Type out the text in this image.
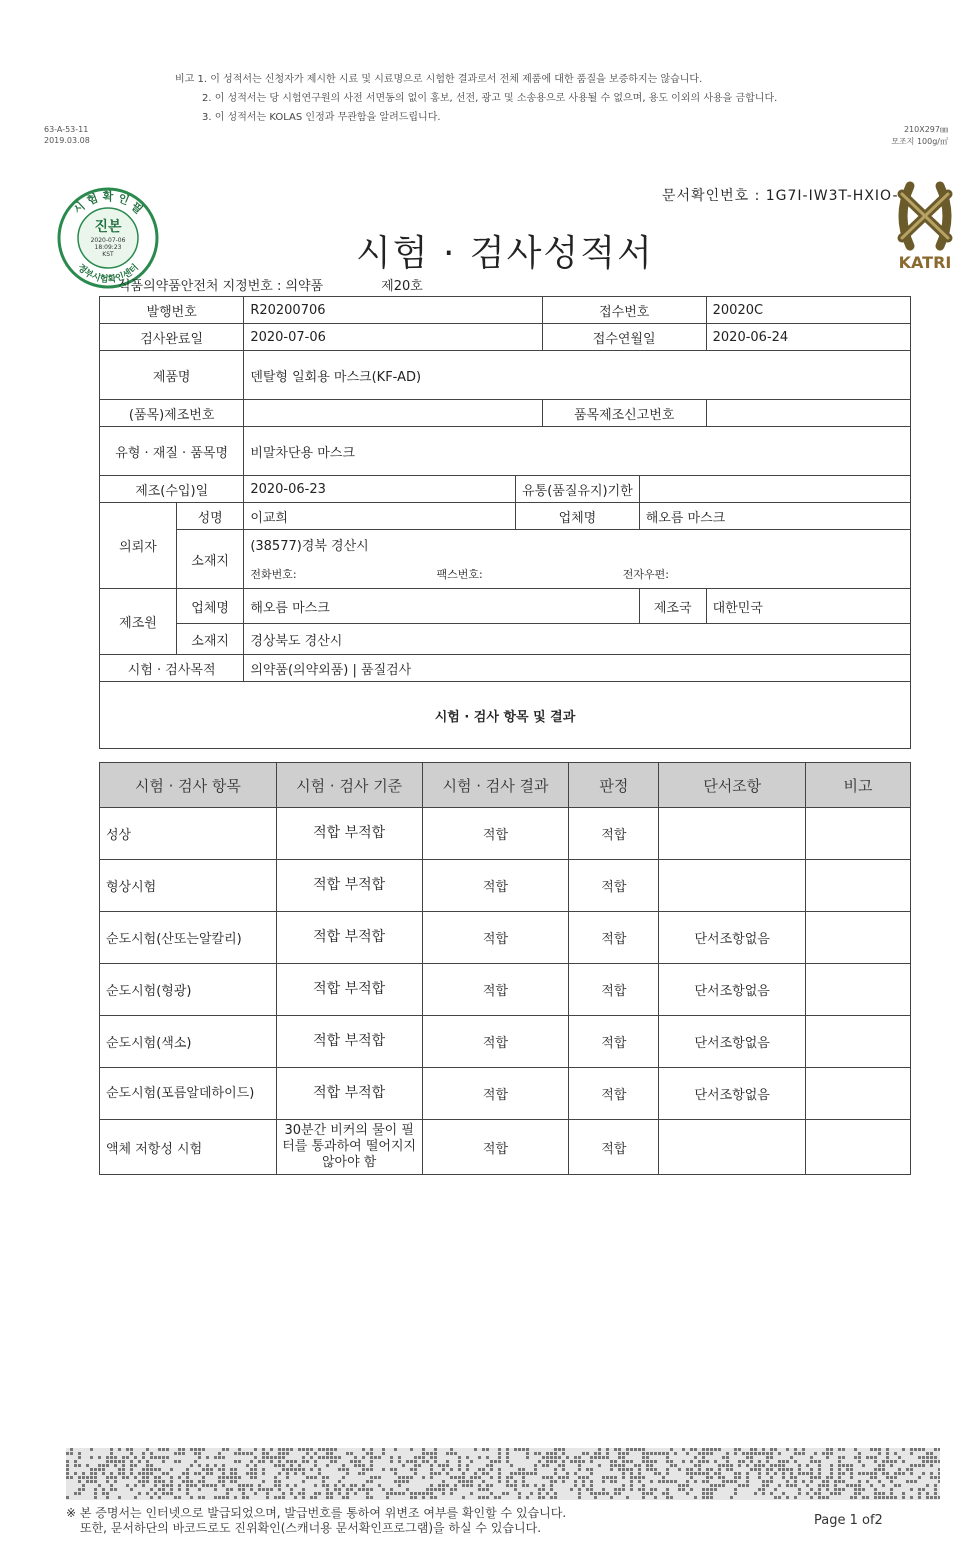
비고 1. 이 성적서는 신청자가 제시한 시료 및 시료명으로 시험한 결과로서 전체 제품에 대한 품질을 보증하지는 않습니다.
2. 이 성적서는 당 시험연구원의 사전 서면동의 없이 홍보, 선전, 광고 및 소송용으로 사용될 수 없으며, 용도 이외의 사용을 금합니다.
3. 이 성적서는 KOLAS 인정과 무관함을 알려드립니다.
63-A-53-11
2019.03.08
210X297㎜
모조지 100g/㎡
문서확인번호 : 1G7I-IW3T-HXIO-
시 험 확 인 필
정부시험확인센터
진본
2020-07-06
18:09:23
KST	KATRI
시험 · 검사성적서
식품의약품안전처 지정번호 : 의약품	제20호
발행번호		R20200706		접수번호		20020C
검사완료일		2020-07-06		접수연월일		2020-06-24
제품명		덴탈형 일회용 마스크(KF-AD)				
(품목)제조번호				품목제조신고번호		
유형 · 재질 · 품목명		비말차단용 마스크				
제조(수입)일		2020-06-23	유통(품질유지)기한			
의뢰자	성명	이교희	업체명		해오름 마스크	
	소재지	(38577)경북 경산시				
		전화번호: 팩스번호: 전자우편:				
제조원	업체명	해오름 마스크			제조국	대한민국
	소재지	경상북도 경산시				
시험 · 검사목적		의약품(의약외품) | 품질검사				
시험 · 검사 항목 및 결과						
시험 · 검사 항목	시험 · 검사 기준	시험 · 검사 결과	판정	단서조항	비고
성상	적합 부적합	적합	적합		
형상시험	적합 부적합	적합	적합		
순도시험(산또는알칼리)	적합 부적합	적합	적합	단서조항없음	
순도시험(형광)	적합 부적합	적합	적합	단서조항없음	
순도시험(색소)	적합 부적합	적합	적합	단서조항없음	
순도시험(포름알데하이드)	적합 부적합	적합	적합	단서조항없음	
액체 저항성 시험	30분간 비커의 물이 필터를 통과하여 떨어지지 않아야 함	적합	적합		
※ 본 증명서는 인터넷으로 발급되었으며, 발급번호를 통하여 위변조 여부를 확인할 수 있습니다.
또한, 문서하단의 바코드로도 진위확인(스캐너용 문서확인프로그램)을 하실 수 있습니다.	Page 1 of2
